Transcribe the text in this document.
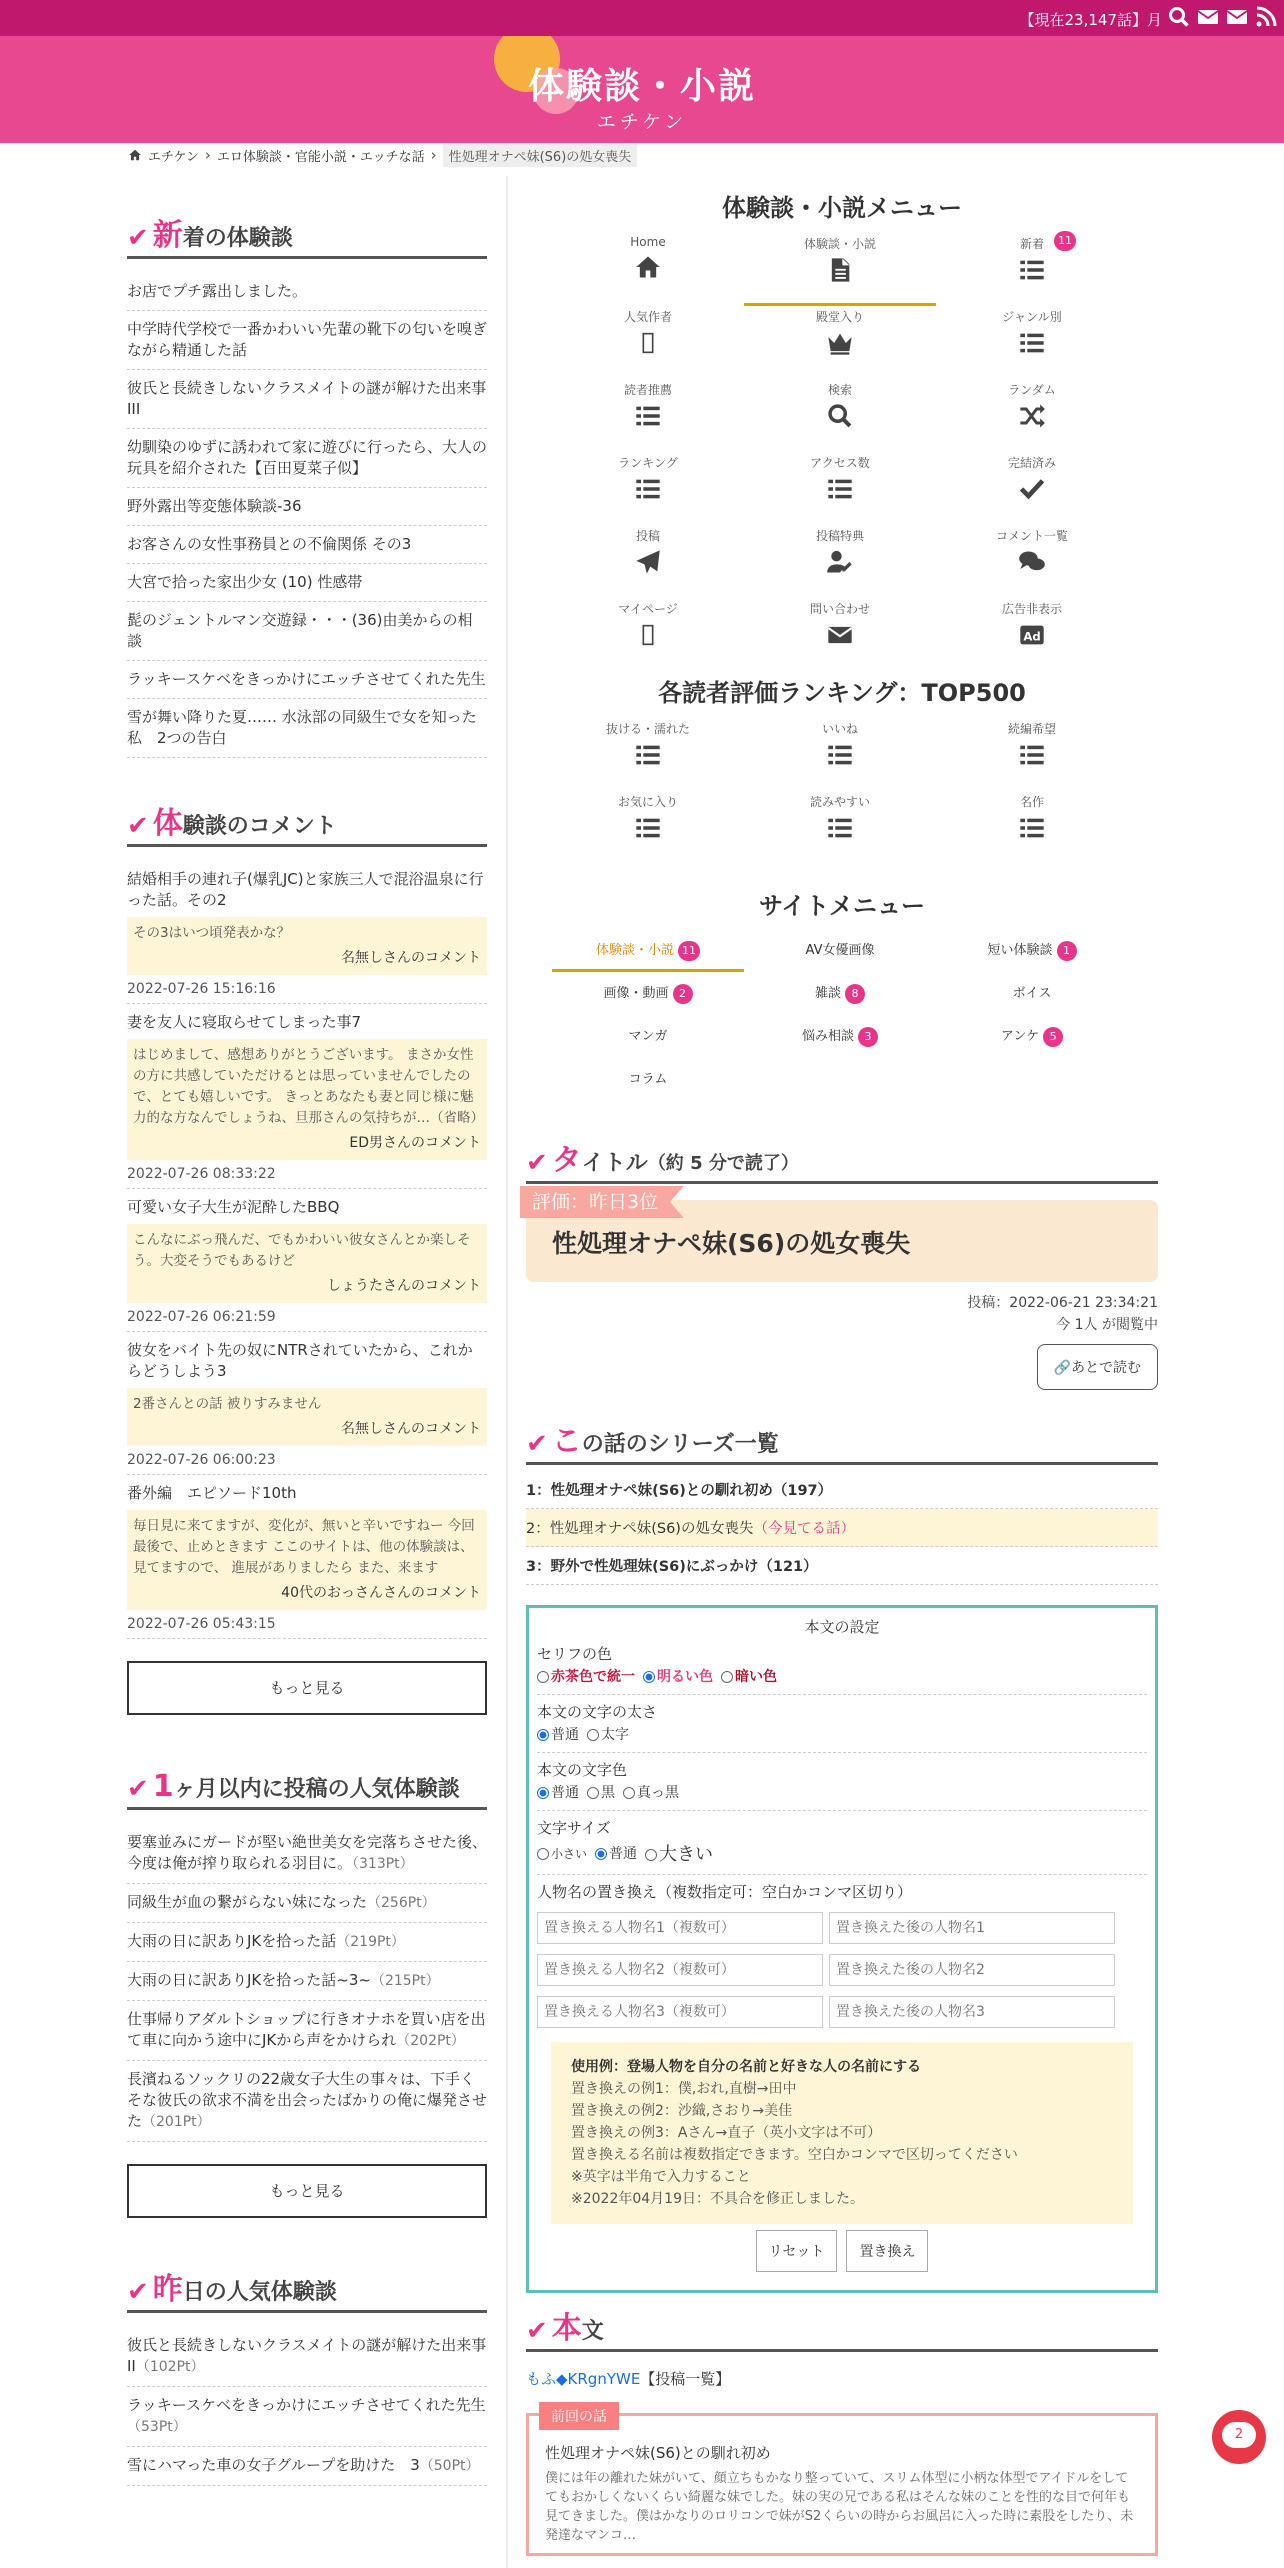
【現在23,147話】月
体験談・小説
エチケン
エチケン › エロ体験談・官能小説・エッチな話 › 性処理オナペ妹(S6)の処女喪失
✔ 新 着の体験談
お店でプチ露出しました。
中学時代学校で一番かわいい先輩の靴下の匂いを嗅ぎながら精通した話
彼氏と長続きしないクラスメイトの謎が解けた出来事III
幼馴染のゆずに誘われて家に遊びに行ったら、大人の玩具を紹介された【百田夏菜子似】
野外露出等変態体験談-36
お客さんの女性事務員との不倫関係 その3
大宮で拾った家出少女 (10) 性感帯
髭のジェントルマン交遊録・・・(36)由美からの相談
ラッキースケベをきっかけにエッチさせてくれた先生
雪が舞い降りた夏…… 水泳部の同級生で女を知った私　2つの告白
✔ 体 験談のコメント
結婚相手の連れ子(爆乳JC)と家族三人で混浴温泉に行った話。その2
その3はいつ頃発表かな？
名無しさんのコメント
2022-07-26 15:16:16
妻を友人に寝取らせてしまった事7
はじめまして、感想ありがとうございます。 まさか女性の方に共感していただけるとは思っていませんでしたので、とても嬉しいです。 きっとあなたも妻と同じ様に魅力的な方なんでしょうね、旦那さんの気持ちが…（省略）
ED男さんのコメント
2022-07-26 08:33:22
可愛い女子大生が泥酔したBBQ
こんなにぶっ飛んだ、でもかわいい彼女さんとか楽しそう。大変そうでもあるけど
しょうたさんのコメント
2022-07-26 06:21:59
彼女をバイト先の奴にNTRされていたから、これからどうしよう3
2番さんとの話 被りすみません
名無しさんのコメント
2022-07-26 06:00:23
番外編　エピソード10th
毎日見に来てますが、変化が、無いと辛いですねー 今回最後で、止めときます ここのサイトは、他の体験談は、見てますので、 進展がありましたら また、来ます
40代のおっさんさんのコメント
2022-07-26 05:43:15
もっと見る
✔ 1 ヶ月以内に投稿の人気体験談
要塞並みにガードが堅い絶世美女を完落ちさせた後、今度は俺が搾り取られる羽目に。（313Pt）
同級生が血の繋がらない妹になった（256Pt）
大雨の日に訳ありJKを拾った話（219Pt）
大雨の日に訳ありJKを拾った話~3~（215Pt）
仕事帰りアダルトショップに行きオナホを買い店を出て車に向かう途中にJKから声をかけられ（202Pt）
長濱ねるソックリの22歳女子大生の事々は、下手くそな彼氏の欲求不満を出会ったばかりの俺に爆発させた（201Pt）
もっと見る
✔ 昨 日の人気体験談
彼氏と長続きしないクラスメイトの謎が解けた出来事II（102Pt）
ラッキースケベをきっかけにエッチさせてくれた先生（53Pt）
雪にハマった車の女子グループを助けた　3（50Pt）
体験談・小説メニュー
Home	体験談・小説	新着	11
人気作者	殿堂入り	ジャンル別
読者推薦	検索	ランダム
ランキング	アクセス数	完結済み
投稿	投稿特典	コメント一覧
マイページ	問い合わせ	広告非表示
各読者評価ランキング：TOP500
抜ける・濡れた	いいね	続編希望
お気に入り	読みやすい	名作
サイトメニュー
体験談・小説 11	AV女優画像	短い体験談 1
画像・動画 2	雑談 8	ボイス
マンガ	悩み相談 3	アンケ 5
コラム
✔ タ イトル （約 5 分で読了）
評価：昨日3位
性処理オナペ妹(S6)の処女喪失
投稿：2022-06-21 23:34:21
今 1人 が閲覧中
🔗あとで読む
✔ こ の話のシリーズ一覧
1：性処理オナペ妹(S6)との馴れ初め（197）
2：性処理オナペ妹(S6)の処女喪失（今見てる話）
3：野外で性処理妹(S6)にぶっかけ（121）
本文の設定
セリフの色
赤茶色で統一	明るい色	暗い色
本文の文字の太さ
普通	太字
本文の文字色
普通	黒	真っ黒
文字サイズ
小さい	普通	大きい
人物名の置き換え（複数指定可：空白かコンマ区切り）
置き換える人物名1（複数可）
置き換えた後の人物名1
置き換える人物名2（複数可）
置き換えた後の人物名2
置き換える人物名3（複数可）
置き換えた後の人物名3
使用例：登場人物を自分の名前と好きな人の名前にする
置き換えの例1：僕,おれ,直樹→田中
置き換えの例2：沙織,さおり→美佳
置き換えの例3：Aさん→直子（英小文字は不可）
置き換える名前は複数指定できます。空白かコンマで区切ってください
※英字は半角で入力すること
※2022年04月19日：不具合を修正しました。
リセット	置き換え
✔ 本 文
もふ◆KRgnYWE【投稿一覧】
前回の話
性処理オナペ妹(S6)との馴れ初め
僕には年の離れた妹がいて、顔立ちもかなり整っていて、スリム体型に小柄な体型でアイドルをしててもおかしくないくらい綺麗な妹でした。妹の実の兄である私はそんな妹のことを性的な目で何年も見てきました。僕はかなりのロリコンで妹がS2くらいの時からお風呂に入った時に素股をしたり、未発達なマンコ…
2
